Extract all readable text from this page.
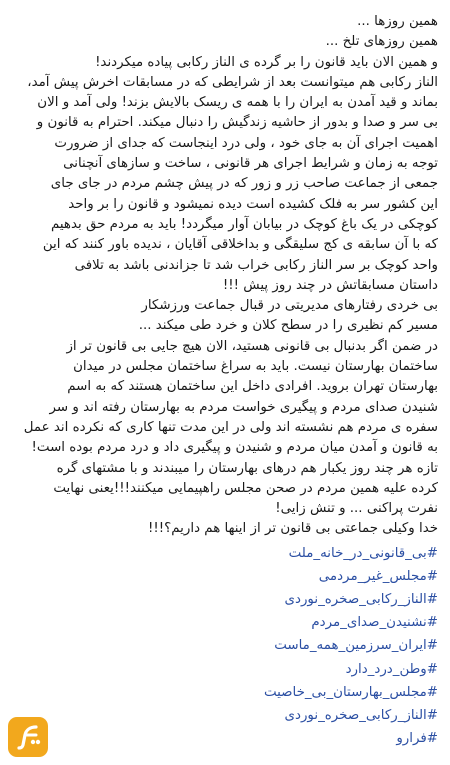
همین روزها ...
همین روزهای تلخ ...
و همین الان باید قانون را بر گرده ی الناز رکابی پیاده میکردند!
الناز رکابی هم میتوانست بعد از شرایطی که در مسابقات اخرش پیش آمد،
بماند و قید آمدن به ایران را با همه ی ریسک بالایش بزند! ولی آمد و الان
بی سر و صدا و بدور از حاشیه زندگیش را دنبال میکند. احترام به قانون و
اهمیت اجرای آن به جای خود ، ولی درد اینجاست که جدای از ضرورت
توجه به زمان و شرایط اجرای هر قانونی ، ساخت و سازهای آنچنانی
جمعی از جماعت صاحب زر و زور که در پیش چشم مردم در جای جای
این کشور سر به فلک کشیده است دیده نمیشود و قانون را بر واحد
کوچکی در یک باغ کوچک در بیابان آوار میگردد! باید به مردم حق بدهیم
که با آن سابقه ی کج سلیقگی و بداخلاقی آقایان ، ندیده باور کنند که این
واحد کوچک بر سر الناز رکابی خراب شد تا جزاندنی باشد به تلافی
داستان مسابقاتش در چند روز پیش !!!
بی خردی رفتارهای مدیریتی در قبال جماعت ورزشکار
مسیر کم نظیری را در سطح کلان و خرد طی میکند ...
در ضمن اگر بدنبال بی قانونی هستید، الان هیچ جایی بی قانون تر از
ساختمان بهارستان نیست. باید به سراغ ساختمان مجلس در میدان
بهارستان تهران بروید. افرادی داخل این ساختمان هستند که به اسم
شنیدن صدای مردم و پیگیری خواست مردم به بهارستان رفته اند و سر
سفره ی مردم هم نشسته اند ولی در این مدت تنها کاری که نکرده اند عمل
به قانون و آمدن میان مردم و شنیدن و پیگیری داد و درد مردم بوده است!
تازه هر چند روز یکبار هم درهای بهارستان را میبندند و با مشتهای گره
کرده علیه همین مردم در صحن مجلس راهپیمایی میکنند!!!یعنی نهایت
نفرت پراکنی ... و تنش زایی!
خدا وکیلی جماعتی بی قانون تر از اینها هم داریم؟!!!
#بی_قانونی_در_خانه_ملت
#مجلس_غیر_مردمی
#الناز_رکابی_صخره_نوردی
#نشنیدن_صدای_مردم
#ایران_سرزمین_همه_ماست
#وطن_درد_دارد
#مجلس_بهارستان_بی_خاصیت
#الناز_رکابی_صخره_نوردی
#فرارو
